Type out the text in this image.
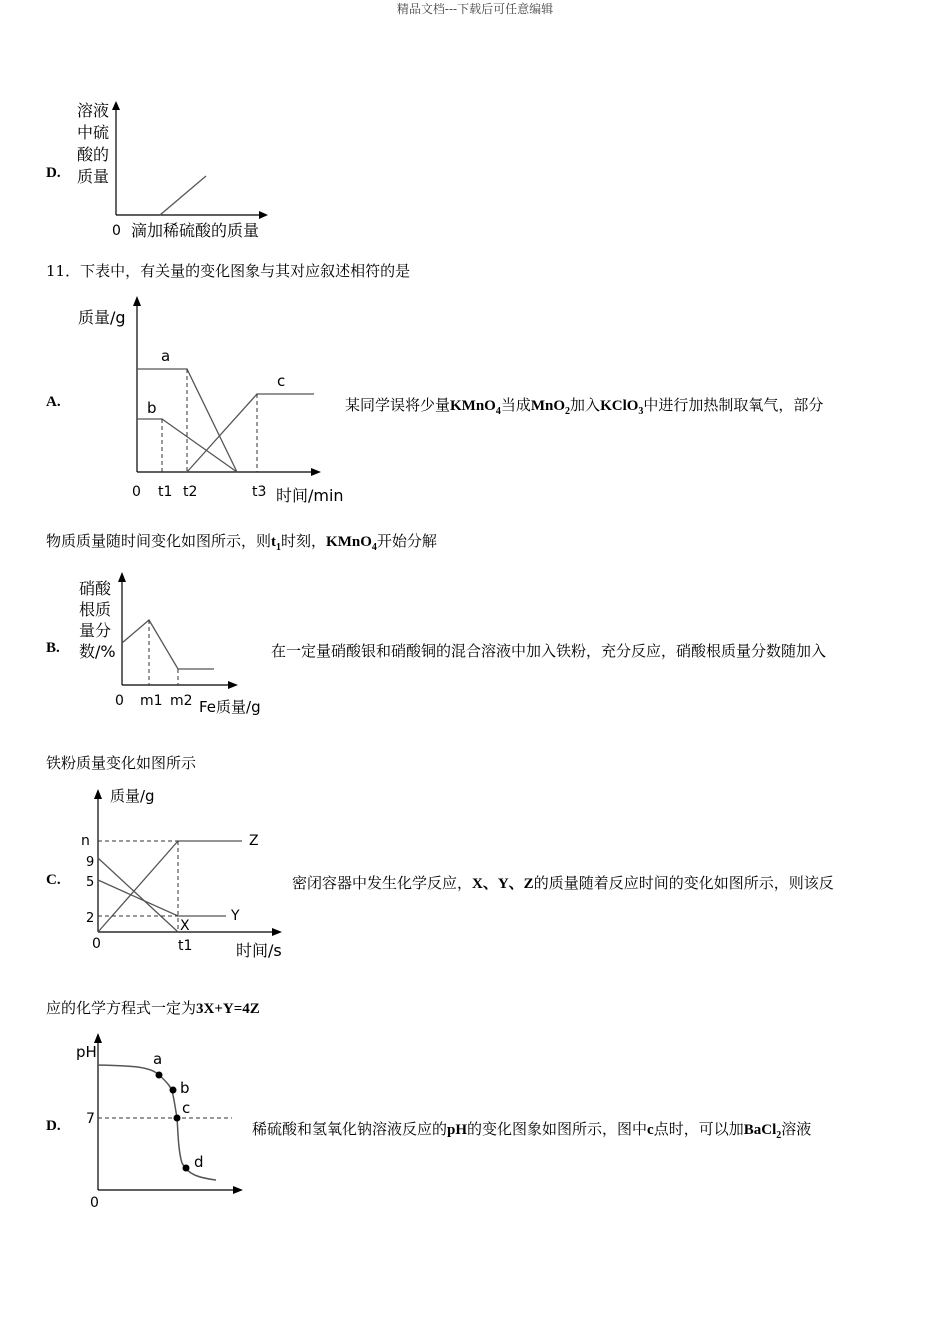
精品文档---下载后可任意编辑
D.
溶液
中硫
酸的
质量
0 滴加稀硫酸的质量
11．下表中，有关量的变化图象与其对应叙述相符的是
A.
质量/g
a
b
c
0 t1 t2	t3 时间/min
某同学误将少量KMnO$_4$当成MnO$_2$加入KClO$_3$中进行加热制取氧气，部分
物质质量随时间变化如图所示，则$t_1$时刻，KMnO$_4$开始分解
B.
硝酸
根质
量分
数/%
0 m1 m2 Fe质量/g
在一定量硝酸银和硝酸铜的混合溶液中加入铁粉，充分反应，硝酸根质量分数随加入
铁粉质量变化如图所示
C.
质量/g
n
9
5
2
0	t1	时间/s
Z
Y
X
密闭容器中发生化学反应，X、Y、Z的质量随着反应时间的变化如图所示，则该反
应的化学方程式一定为3X+Y=4Z
D.
pH	a
b
c
d
7
0
稀硫酸和氢氧化钠溶液反应的pH的变化图象如图所示，图中c点时，可以加BaCl$_2$溶液
